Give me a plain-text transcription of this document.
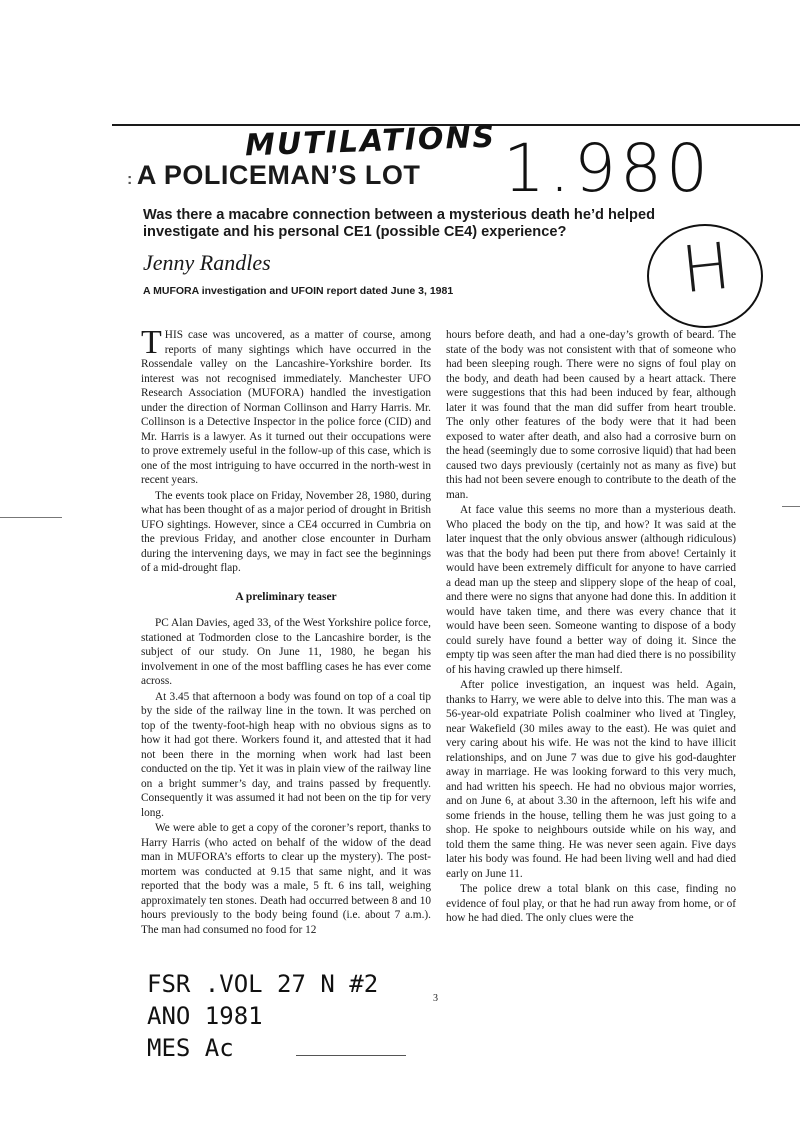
MUTILATIONS 1.980
H
: A POLICEMAN’S LOT
Was there a macabre connection between a mysterious death he’d helped investigate and his personal CE1 (possible CE4) experience?
Jenny Randles
A MUFORA investigation and UFOIN report dated June 3, 1981

THIS case was uncovered, as a matter of course, among reports of many sightings which have occurred in the Rossendale valley on the Lancashire-Yorkshire border. Its interest was not recognised immediately. Manchester UFO Research Association (MUFORA) handled the investigation under the direction of Norman Collinson and Harry Harris. Mr. Collinson is a Detective Inspector in the police force (CID) and Mr. Harris is a lawyer. As it turned out their occupations were to prove extremely useful in the follow-up of this case, which is one of the most intriguing to have occurred in the north-west in recent years.

The events took place on Friday, November 28, 1980, during what has been thought of as a major period of drought in British UFO sightings. However, since a CE4 occurred in Cumbria on the previous Friday, and another close encounter in Durham during the intervening days, we may in fact see the beginnings of a mid-drought flap.

A preliminary teaser

PC Alan Davies, aged 33, of the West Yorkshire police force, stationed at Todmorden close to the Lancashire border, is the subject of our study. On June 11, 1980, he began his involvement in one of the most baffling cases he has ever come across.

At 3.45 that afternoon a body was found on top of a coal tip by the side of the railway line in the town. It was perched on top of the twenty-foot-high heap with no obvious signs as to how it had got there. Workers found it, and attested that it had not been there in the morning when work had last been conducted on the tip. Yet it was in plain view of the railway line on a bright summer’s day, and trains passed by frequently. Consequently it was assumed it had not been on the tip for very long.

We were able to get a copy of the coroner’s report, thanks to Harry Harris (who acted on behalf of the widow of the dead man in MUFORA’s efforts to clear up the mystery). The post-mortem was conducted at 9.15 that same night, and it was reported that the body was a male, 5 ft. 6 ins tall, weighing approximately ten stones. Death had occurred between 8 and 10 hours previously to the body being found (i.e. about 7 a.m.). The man had consumed no food for 12

hours before death, and had a one-day’s growth of beard. The state of the body was not consistent with that of someone who had been sleeping rough. There were no signs of foul play on the body, and death had been caused by a heart attack. There were suggestions that this had been induced by fear, although later it was found that the man did suffer from heart trouble. The only other features of the body were that it had been exposed to water after death, and also had a corrosive burn on the head (seemingly due to some corrosive liquid) that had been caused two days previously (certainly not as many as five) but this had not been severe enough to contribute to the death of the man.

At face value this seems no more than a mysterious death. Who placed the body on the tip, and how? It was said at the later inquest that the only obvious answer (although ridiculous) was that the body had been put there from above! Certainly it would have been extremely difficult for anyone to have carried a dead man up the steep and slippery slope of the heap of coal, and there were no signs that anyone had done this. In addition it would have taken time, and there was every chance that it would have been seen. Someone wanting to dispose of a body could surely have found a better way of doing it. Since the empty tip was seen after the man had died there is no possibility of his having crawled up there himself.

After police investigation, an inquest was held. Again, thanks to Harry, we were able to delve into this. The man was a 56-year-old expatriate Polish coalminer who lived at Tingley, near Wakefield (30 miles away to the east). He was quiet and very caring about his wife. He was not the kind to have illicit relationships, and on June 7 was due to give his god-daughter away in marriage. He was looking forward to this very much, and had written his speech. He had no obvious major worries, and on June 6, at about 3.30 in the afternoon, left his wife and some friends in the house, telling them he was just going to a shop. He spoke to neighbours outside while on his way, and told them the same thing. He was never seen again. Five days later his body was found. He had been living well and had died early on June 11.

The police drew a total blank on this case, finding no evidence of foul play, or that he had run away from home, or of how he had died. The only clues were the

FSR .VOL 27 N #2
ANO 1981
MES Ac
3
